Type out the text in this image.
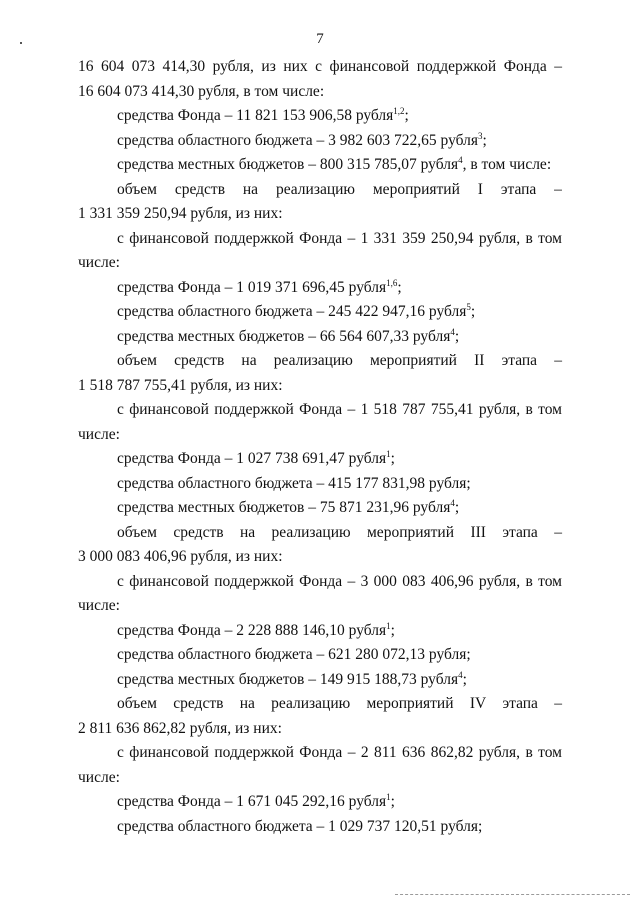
7
16 604 073 414,30 рубля, из них с финансовой поддержкой Фонда –
16 604 073 414,30 рубля, в том числе:
средства Фонда – 11 821 153 906,58 рубля$^{1,2}$;
средства областного бюджета – 3 982 603 722,65 рубля$^3$;
средства местных бюджетов – 800 315 785,07 рубля$^4$, в том числе:
объем средств на реализацию мероприятий I этапа –
1 331 359 250,94 рубля, из них:
с финансовой поддержкой Фонда – 1 331 359 250,94 рубля, в том
числе:
средства Фонда – 1 019 371 696,45 рубля$^{1,6}$;
средства областного бюджета – 245 422 947,16 рубля$^5$;
средства местных бюджетов – 66 564 607,33 рубля$^4$;
объем средств на реализацию мероприятий II этапа –
1 518 787 755,41 рубля, из них:
с финансовой поддержкой Фонда – 1 518 787 755,41 рубля, в том
числе:
средства Фонда – 1 027 738 691,47 рубля$^1$;
средства областного бюджета – 415 177 831,98 рубля;
средства местных бюджетов – 75 871 231,96 рубля$^4$;
объем средств на реализацию мероприятий III этапа –
3 000 083 406,96 рубля, из них:
с финансовой поддержкой Фонда – 3 000 083 406,96 рубля, в том
числе:
средства Фонда – 2 228 888 146,10 рубля$^1$;
средства областного бюджета – 621 280 072,13 рубля;
средства местных бюджетов – 149 915 188,73 рубля$^4$;
объем средств на реализацию мероприятий IV этапа –
2 811 636 862,82 рубля, из них:
с финансовой поддержкой Фонда – 2 811 636 862,82 рубля, в том
числе:
средства Фонда – 1 671 045 292,16 рубля$^1$;
средства областного бюджета – 1 029 737 120,51 рубля;
